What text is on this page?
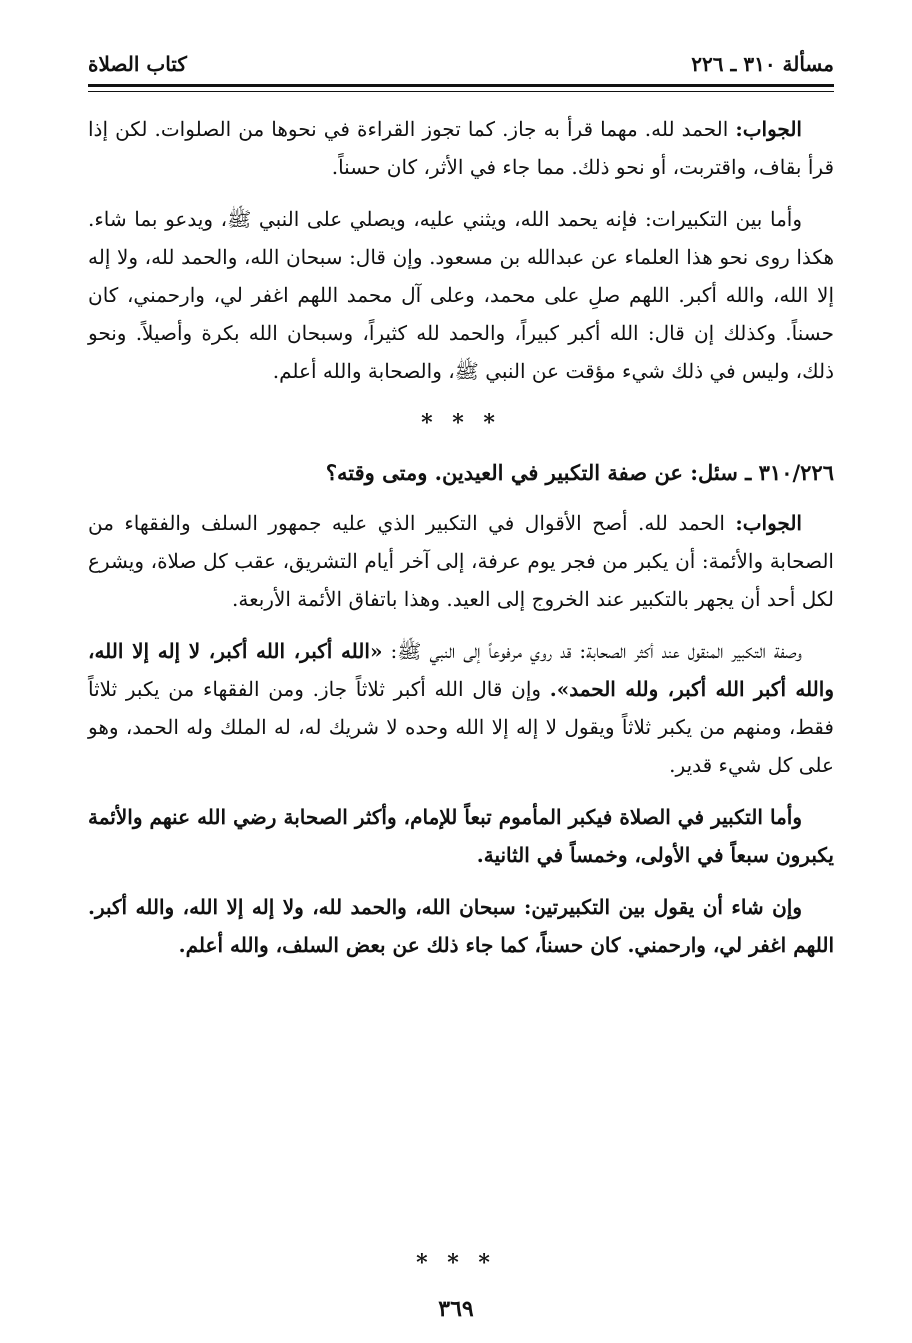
مسألة ٣١٠ ـ ٢٢٦
كتاب الصلاة

الجواب: الحمد لله. مهما قرأ به جاز. كما تجوز القراءة في نحوها من الصلوات. لكن إذا قرأ بقاف، واقتربت، أو نحو ذلك. مما جاء في الأثر، كان حسناً.

وأما بين التكبيرات: فإنه يحمد الله، ويثني عليه، ويصلي على النبي ﷺ، ويدعو بما شاء. هكذا روى نحو هذا العلماء عن عبدالله بن مسعود. وإن قال: سبحان الله، والحمد لله، ولا إله إلا الله، والله أكبر. اللهم صلِ على محمد، وعلى آل محمد اللهم اغفر لي، وارحمني، كان حسناً. وكذلك إن قال: الله أكبر كبيراً، والحمد لله كثيراً، وسبحان الله بكرة وأصيلاً. ونحو ذلك، وليس في ذلك شيء مؤقت عن النبي ﷺ، والصحابة والله أعلم.

* * *
٣١٠/٢٢٦ ـ سئل: عن صفة التكبير في العيدين. ومتى وقته؟

الجواب: الحمد لله. أصح الأقوال في التكبير الذي عليه جمهور السلف والفقهاء من الصحابة والأئمة: أن يكبر من فجر يوم عرفة، إلى آخر أيام التشريق، عقب كل صلاة، ويشرع لكل أحد أن يجهر بالتكبير عند الخروج إلى العيد. وهذا باتفاق الأئمة الأربعة.

وصفة التكبير المنقول عند أكثر الصحابة: قد روي مرفوعاً إلى النبي ﷺ: «الله أكبر، الله أكبر، لا إله إلا الله، والله أكبر الله أكبر، ولله الحمد». وإن قال الله أكبر ثلاثاً جاز. ومن الفقهاء من يكبر ثلاثاً فقط، ومنهم من يكبر ثلاثاً ويقول لا إله إلا الله وحده لا شريك له، له الملك وله الحمد، وهو على كل شيء قدير.

وأما التكبير في الصلاة فيكبر المأموم تبعاً للإمام، وأكثر الصحابة رضي الله عنهم والأئمة يكبرون سبعاً في الأولى، وخمساً في الثانية.

وإن شاء أن يقول بين التكبيرتين: سبحان الله، والحمد لله، ولا إله إلا الله، والله أكبر. اللهم اغفر لي، وارحمني. كان حسناً، كما جاء ذلك عن بعض السلف، والله أعلم.

* * *
٣٦٩
